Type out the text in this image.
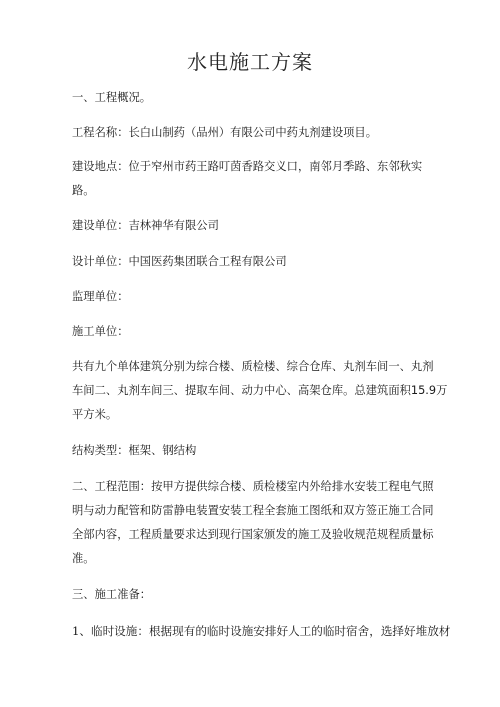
水电施工方案
一、工程概况。
工程名称：长白山制药（品州）有限公司中药丸剂建设项目。
建设地点：位于窄州市药王路叮茵香路交义口，南邻月季路、东邻秋实
路。
建设单位：吉林神华有限公司
设计单位：中国医药集团联合工程有限公司
监理单位：
施工单位：
共有九个单体建筑分别为综合楼、质检楼、综合仓库、丸剂车间一、丸剂
车间二、丸剂车间三、提取车间、动力中心、高架仓库。总建筑面积15.9万
平方米。
结构类型：框架、钢结构
二、工程范围：按甲方提供综合楼、质检楼室内外给排水安装工程电气照
明与动力配管和防雷静电装置安装工程全套施工图纸和双方签正施工合同
全部内容，工程质量要求达到现行国家颁发的施工及验收规范规程质量标
准。
三、施工准备：
1、临时设施：根据现有的临时设施安排好人工的临时宿舍，选择好堆放材
